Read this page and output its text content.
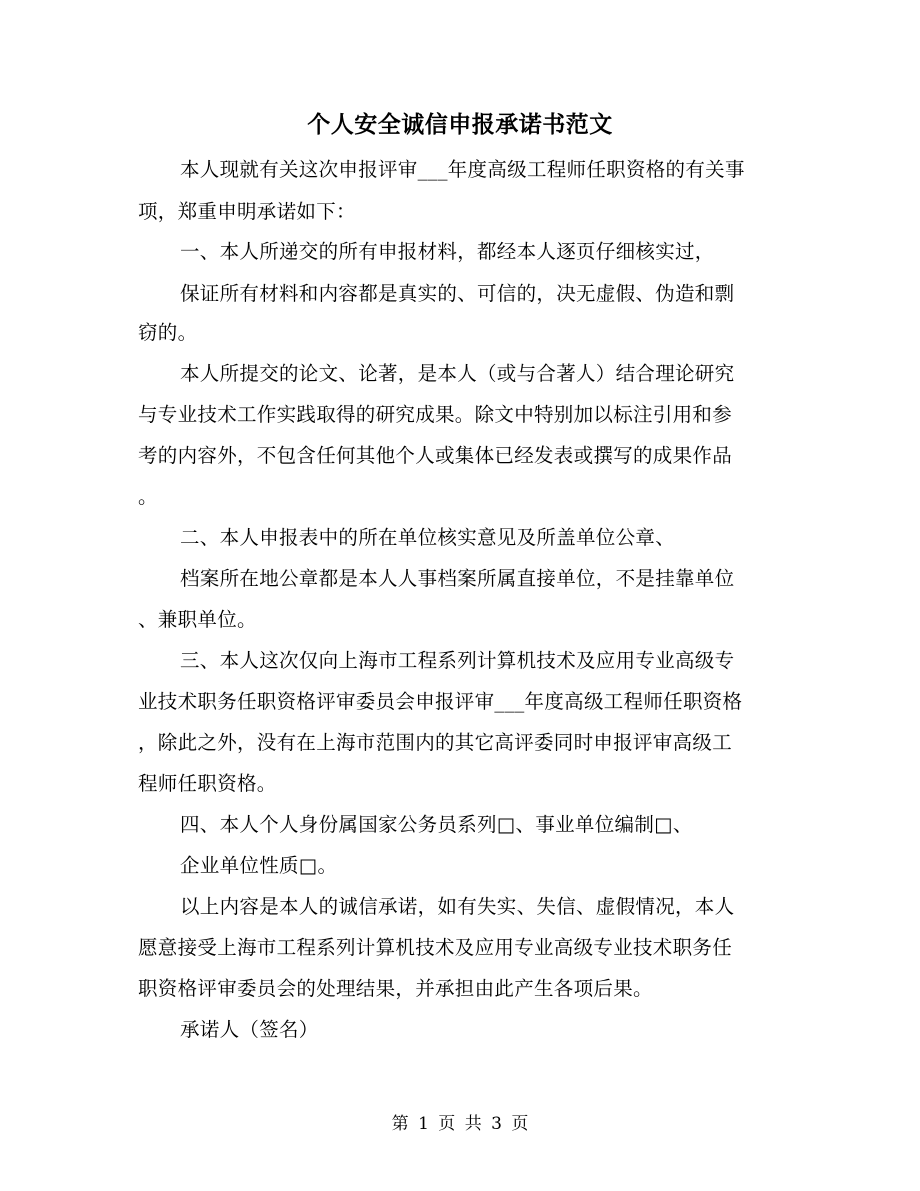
个人安全诚信申报承诺书范文
本人现就有关这次申报评审___年度高级工程师任职资格的有关事
项，郑重申明承诺如下：
一、本人所递交的所有申报材料，都经本人逐页仔细核实过，
保证所有材料和内容都是真实的、可信的，决无虚假、伪造和剽
窃的。
本人所提交的论文、论著，是本人（或与合著人）结合理论研究
与专业技术工作实践取得的研究成果。除文中特别加以标注引用和参
考的内容外，不包含任何其他个人或集体已经发表或撰写的成果作品
。
二、本人申报表中的所在单位核实意见及所盖单位公章、
档案所在地公章都是本人人事档案所属直接单位，不是挂靠单位
、兼职单位。
三、本人这次仅向上海市工程系列计算机技术及应用专业高级专
业技术职务任职资格评审委员会申报评审___年度高级工程师任职资格
，除此之外，没有在上海市范围内的其它高评委同时申报评审高级工
程师任职资格。
四、本人个人身份属国家公务员系列□、事业单位编制□、
企业单位性质□。
以上内容是本人的诚信承诺，如有失实、失信、虚假情况，本人
愿意接受上海市工程系列计算机技术及应用专业高级专业技术职务任
职资格评审委员会的处理结果，并承担由此产生各项后果。
承诺人（签名）
第 1 页 共 3 页
